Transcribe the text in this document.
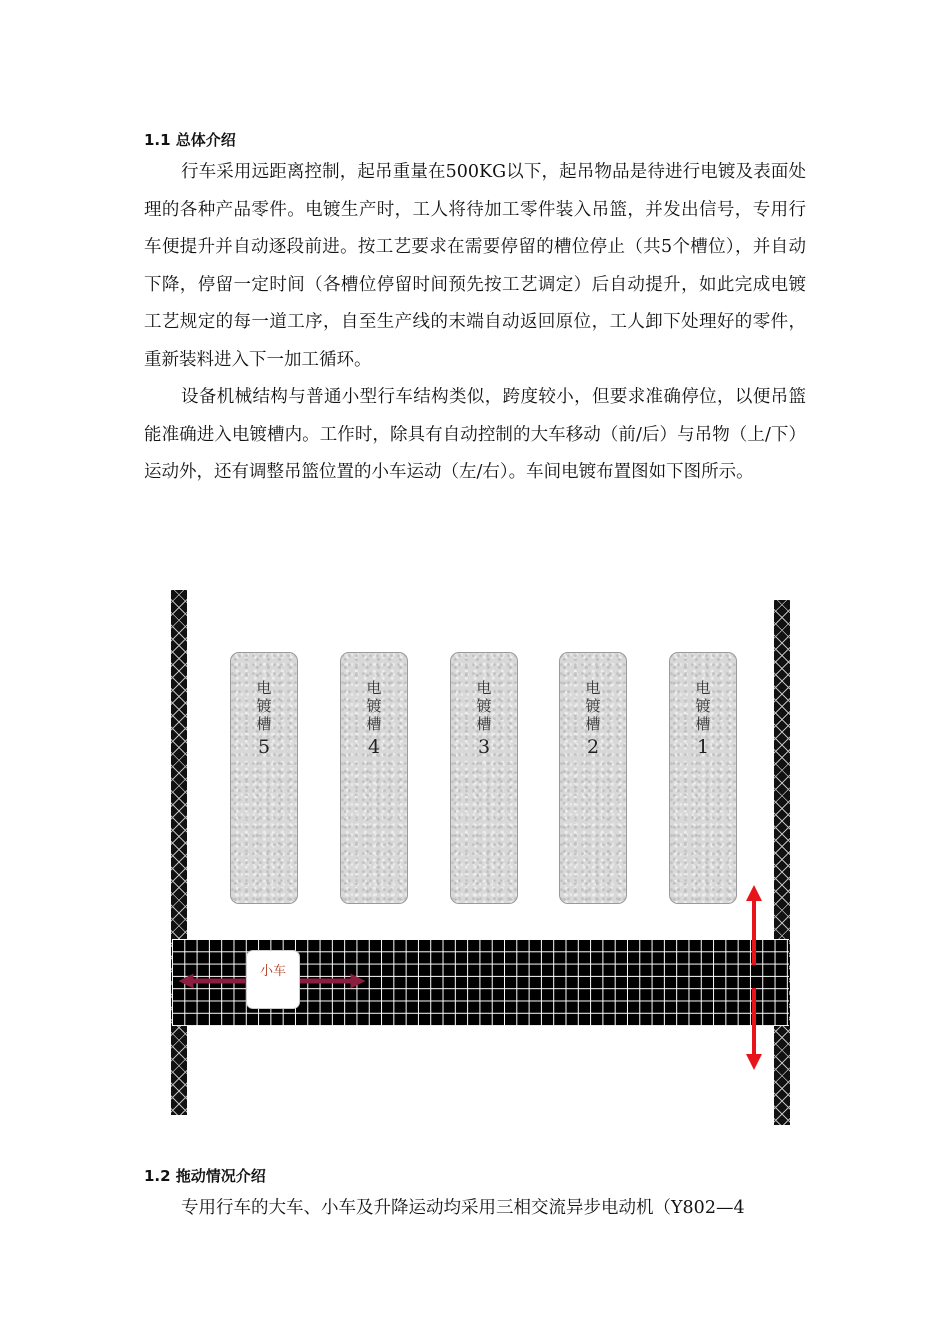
1.1 总体介绍

行车采用远距离控制，起吊重量在500KG以下，起吊物品是待进行电镀及表面处理的各种产品零件。电镀生产时，工人将待加工零件装入吊篮，并发出信号，专用行车便提升并自动逐段前进。按工艺要求在需要停留的槽位停止（共5个槽位），并自动下降，停留一定时间（各槽位停留时间预先按工艺调定）后自动提升，如此完成电镀工艺规定的每一道工序，自至生产线的末端自动返回原位，工人卸下处理好的零件，重新装料进入下一加工循环。

设备机械结构与普通小型行车结构类似，跨度较小，但要求准确停位，以便吊篮能准确进入电镀槽内。工作时，除具有自动控制的大车移动（前/后）与吊物（上/下）运动外，还有调整吊篮位置的小车运动（左/右）。车间电镀布置图如下图所示。

电
镀
槽
5
电
镀
槽
4
电
镀
槽
3
电
镀
槽
2
电
镀
槽
1
小车
1.2 拖动情况介绍

专用行车的大车、小车及升降运动均采用三相交流异步电动机（Y802—4
